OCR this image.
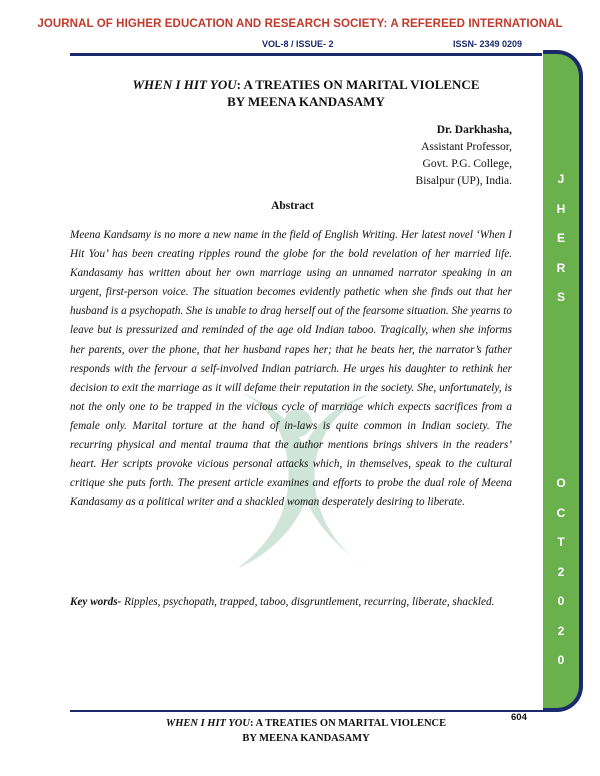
JOURNAL OF HIGHER EDUCATION AND RESEARCH SOCIETY: A REFEREED INTERNATIONAL
VOL-8 / ISSUE- 2	ISSN- 2349 0209
J
H
E
R
S
O
C
T
2
0
2
0
WHEN I HIT YOU: A TREATIES ON MARITAL VIOLENCE
BY MEENA KANDASAMY
Dr. Darkhasha,
Assistant Professor,
Govt. P.G. College,
Bisalpur (UP), India.
Abstract

Meena Kandsamy is no more a new name in the field of English Writing. Her latest novel ‘When I Hit You’ has been creating ripples round the globe for the bold revelation of her married life. Kandasamy has written about her own marriage using an unnamed narrator speaking in an urgent, first-person voice. The situation becomes evidently pathetic when she finds out that her husband is a psychopath. She is unable to drag herself out of the fearsome situation. She yearns to leave but is pressurized and reminded of the age old Indian taboo. Tragically, when she informs her parents, over the phone, that her husband rapes her; that he beats her, the narrator’s father responds with the fervour a self-involved Indian patriarch. He urges his daughter to rethink her decision to exit the marriage as it will defame their reputation in the society. She, unfortunately, is not the only one to be trapped in the vicious cycle of marriage which expects sacrifices from a female only. Marital torture at the hand of in-laws is quite common in Indian society. The recurring physical and mental trauma that the author mentions brings shivers in the readers’ heart. Her scripts provoke vicious personal attacks which, in themselves, speak to the cultural critique she puts forth. The present article examines and efforts to probe the dual role of Meena Kandasamy as a political writer and a shackled woman desperately desiring to liberate.

Key words- Ripples, psychopath, trapped, taboo, disgruntlement, recurring, liberate, shackled.

WHEN I HIT YOU: A TREATIES ON MARITAL VIOLENCE
BY MEENA KANDASAMY
604
